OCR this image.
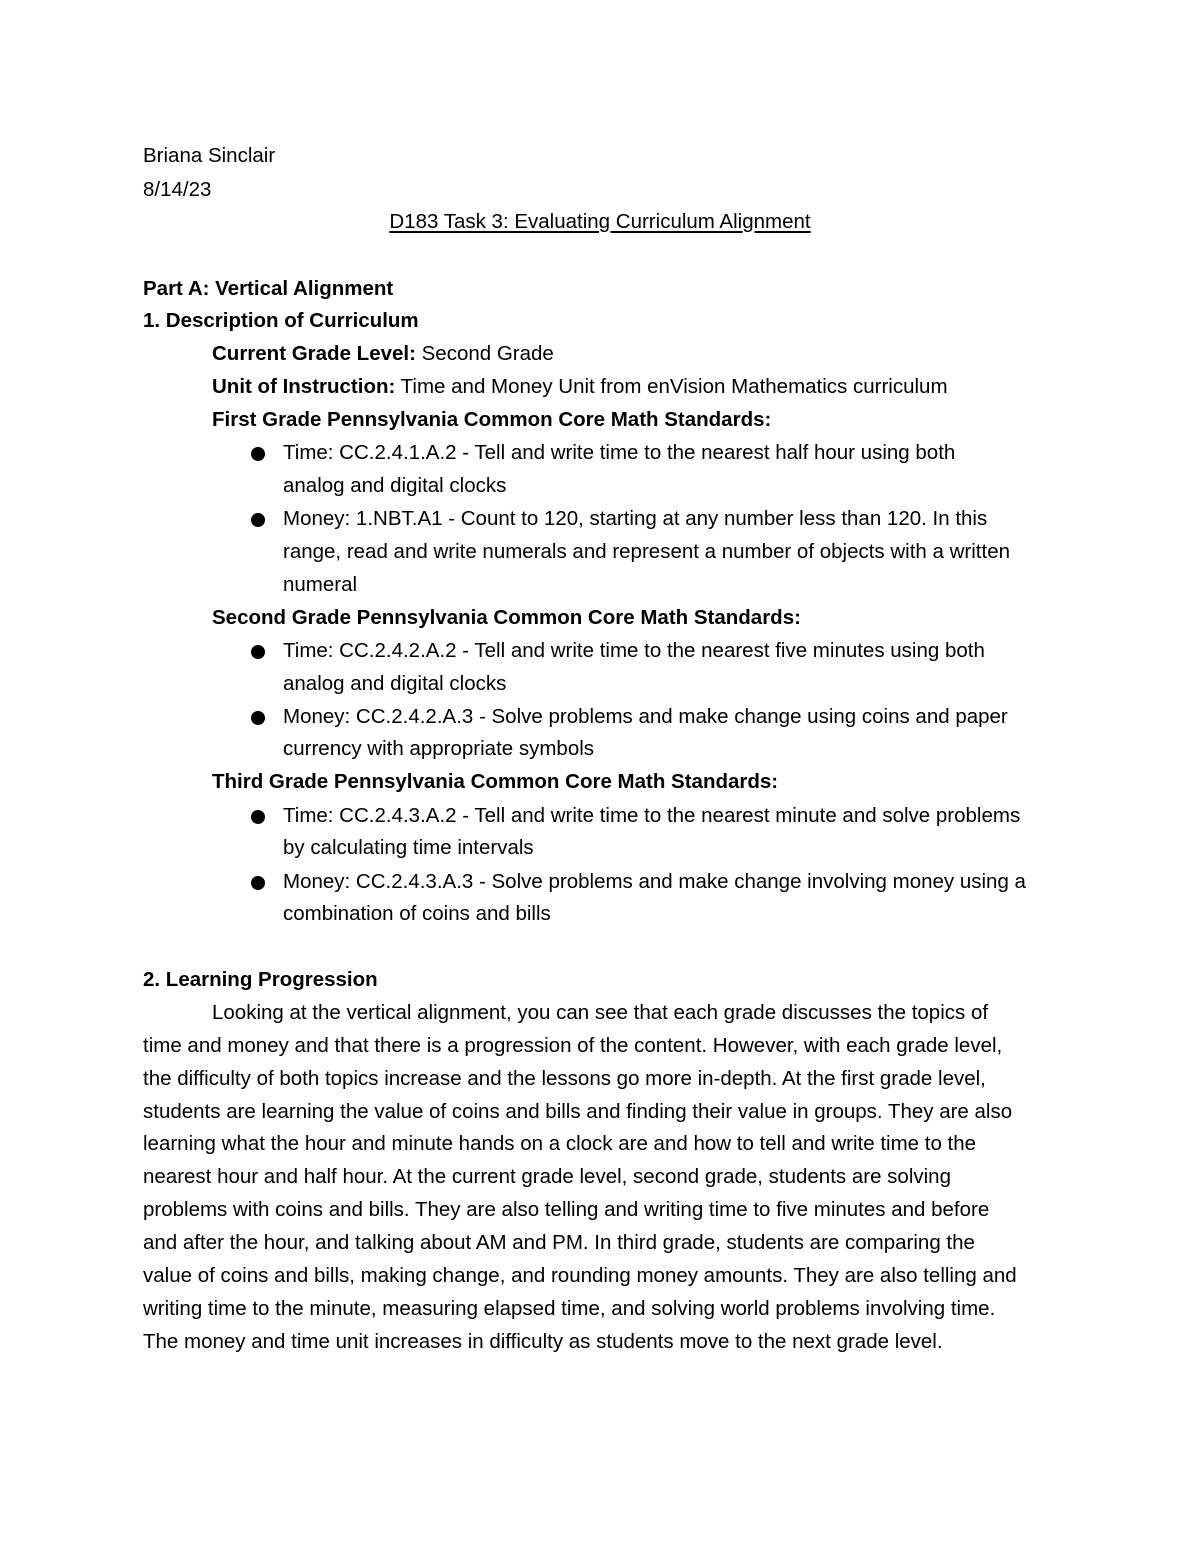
Briana Sinclair
8/14/23
D183 Task 3: Evaluating Curriculum Alignment
Part A: Vertical Alignment
1. Description of Curriculum
Current Grade Level: Second Grade
Unit of Instruction: Time and Money Unit from enVision Mathematics curriculum
First Grade Pennsylvania Common Core Math Standards:
Time: CC.2.4.1.A.2 - Tell and write time to the nearest half hour using both
analog and digital clocks
Money: 1.NBT.A1 - Count to 120, starting at any number less than 120. In this
range, read and write numerals and represent a number of objects with a written
numeral
Second Grade Pennsylvania Common Core Math Standards:
Time: CC.2.4.2.A.2 - Tell and write time to the nearest five minutes using both
analog and digital clocks
Money: CC.2.4.2.A.3 - Solve problems and make change using coins and paper
currency with appropriate symbols
Third Grade Pennsylvania Common Core Math Standards:
Time: CC.2.4.3.A.2 - Tell and write time to the nearest minute and solve problems
by calculating time intervals
Money: CC.2.4.3.A.3 - Solve problems and make change involving money using a
combination of coins and bills
2. Learning Progression
Looking at the vertical alignment, you can see that each grade discusses the topics of
time and money and that there is a progression of the content. However, with each grade level,
the difficulty of both topics increase and the lessons go more in-depth. At the first grade level,
students are learning the value of coins and bills and finding their value in groups. They are also
learning what the hour and minute hands on a clock are and how to tell and write time to the
nearest hour and half hour. At the current grade level, second grade, students are solving
problems with coins and bills. They are also telling and writing time to five minutes and before
and after the hour, and talking about AM and PM. In third grade, students are comparing the
value of coins and bills, making change, and rounding money amounts. They are also telling and
writing time to the minute, measuring elapsed time, and solving world problems involving time.
The money and time unit increases in difficulty as students move to the next grade level.
